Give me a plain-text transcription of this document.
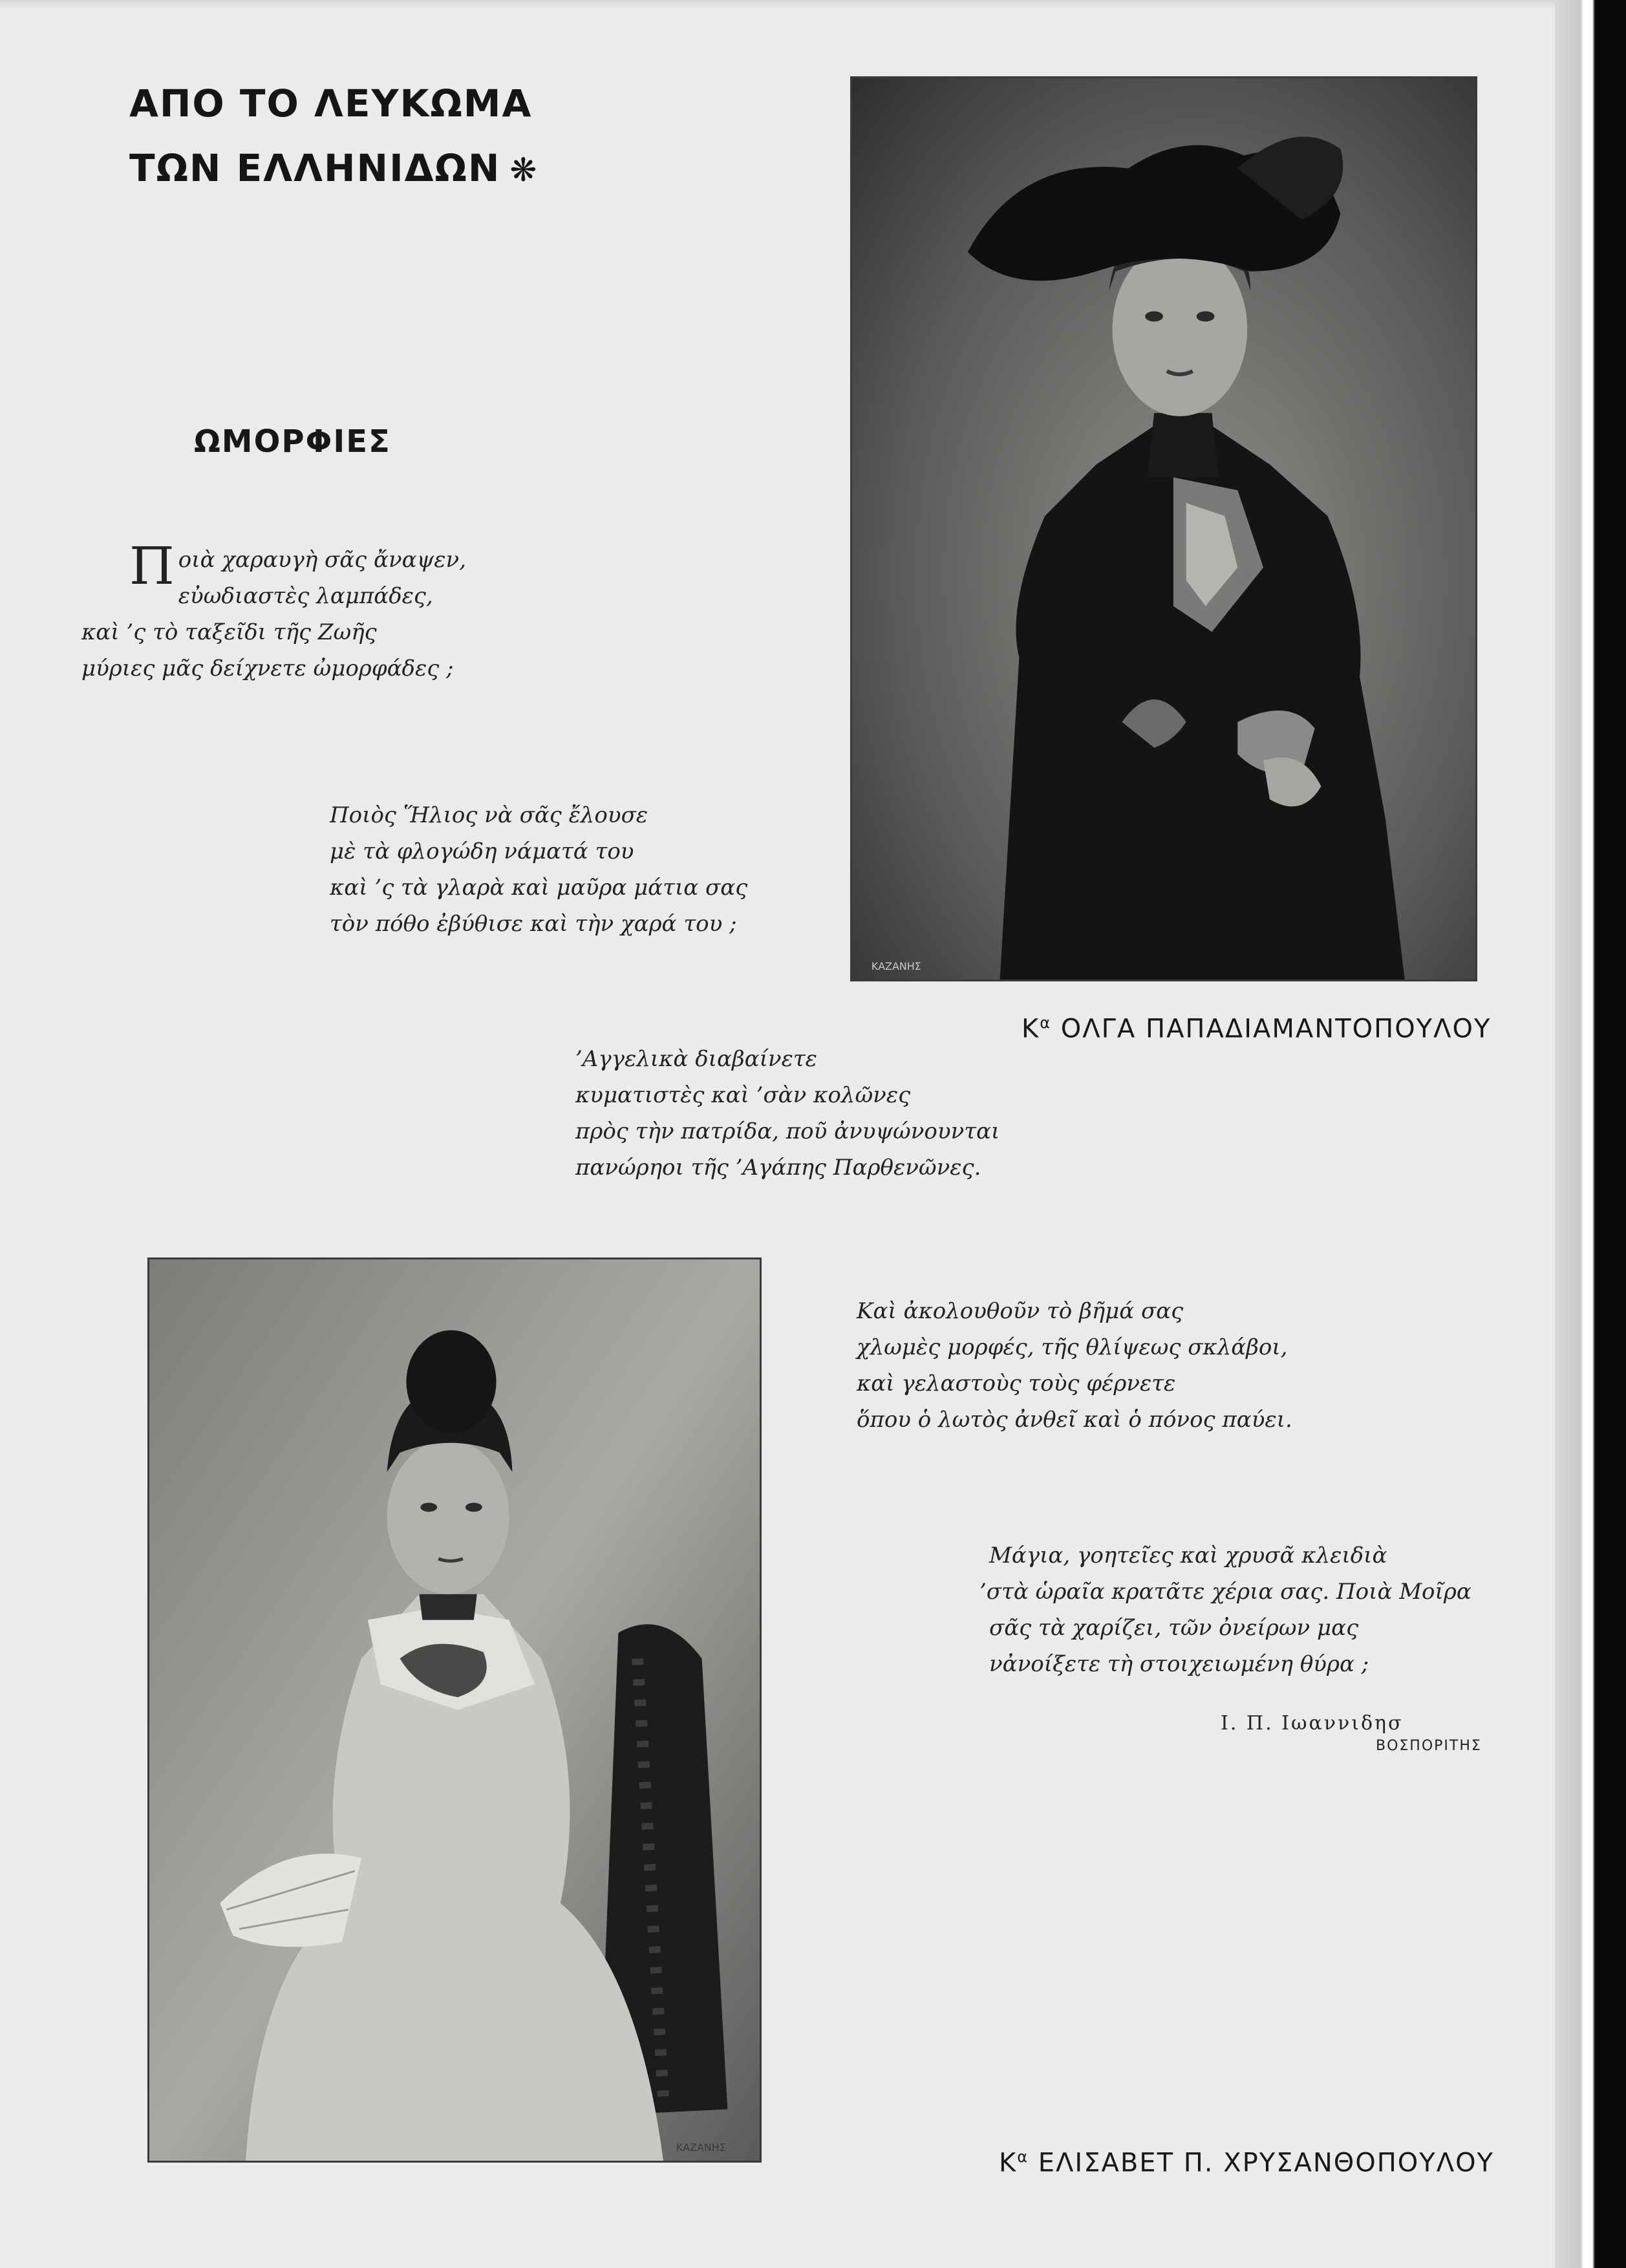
ΑΠΟ ΤΟ ΛΕΥΚΩΜΑ
ΤΩΝ ΕΛΛΗΝΙΔΩΝ ❋
ΩΜΟΡΦΙΕΣ
Π οιὰ χαραυγὴ σᾶς ἄναψεν,
εὐωδιαστὲς λαμπάδες,
καὶ ’ς τὸ ταξεῖδι τῆς Ζωῆς
μύριες μᾶς δείχνετε ὠμορφάδες ;
Ποιὸς Ἥλιος νὰ σᾶς ἔλουσε
μὲ τὰ φλογώδη νάματά του
καὶ ’ς τὰ γλαρὰ καὶ μαῦρα μάτια σας
τὸν πόθο ἐβύθισε καὶ τὴν χαρά του ;
’Αγγελικὰ διαβαίνετε
κυματιστὲς καὶ ’σὰν κολῶνες
πρὸς τὴν πατρίδα, ποῦ ἀνυψώνουνται
πανώρηοι τῆς ’Αγάπης Παρθενῶνες.
Καὶ ἀκολουθοῦν τὸ βῆμά σας
χλωμὲς μορφές, τῆς θλίψεως σκλάβοι,
καὶ γελαστοὺς τοὺς φέρνετε
ὅπου ὁ λωτὸς ἀνθεῖ καὶ ὁ πόνος παύει.
Μάγια, γοητεῖες καὶ χρυσᾶ κλειδιὰ
’στὰ ὡραῖα κρατᾶτε χέρια σας. Ποιὰ Μοῖρα
σᾶς τὰ χαρίζει, τῶν ὀνείρων μας
νἀνοίξετε τὴ στοιχειωμένη θύρα ;
Ι. Π. Ιωαννιδησ
ΒΟΣΠΟΡΙΤΗΣ
ΚΑΖΑΝΗΣ
$K^\alpha$ ΟΛΓΑ ΠΑΠΑΔΙΑΜΑΝΤΟΠΟΥΛΟΥ
ΚΑΖΑΝΗΣ
$K^\alpha$ ΕΛΙΣΑΒΕΤ Π. ΧΡΥΣΑΝΘΟΠΟΥΛΟΥ
